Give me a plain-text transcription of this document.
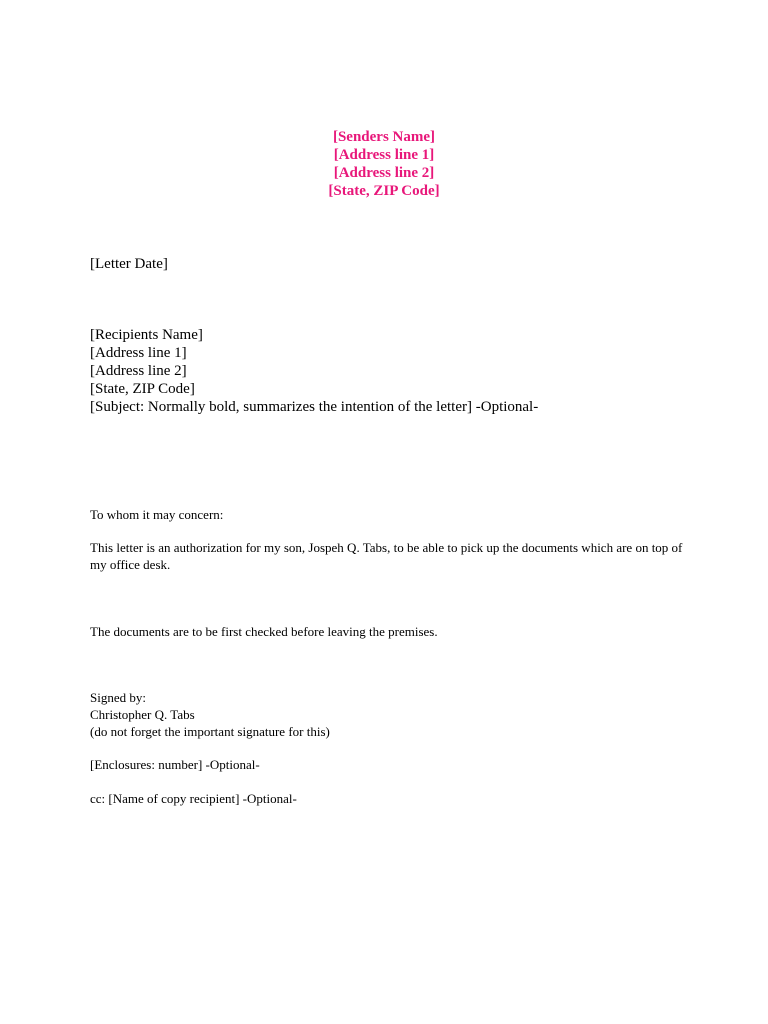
[Senders Name]
[Address line 1]
[Address line 2]
[State, ZIP Code]
[Letter Date]
[Recipients Name]
[Address line 1]
[Address line 2]
[State, ZIP Code]
[Subject: Normally bold, summarizes the intention of the letter] -Optional-
To whom it may concern:
This letter is an authorization for my son, Jospeh Q. Tabs, to be able to pick up the documents which are on top of my office desk.
The documents are to be first checked before leaving the premises.
Signed by:
Christopher Q. Tabs
(do not forget the important signature for this)
[Enclosures: number] -Optional-
cc: [Name of copy recipient] -Optional-
